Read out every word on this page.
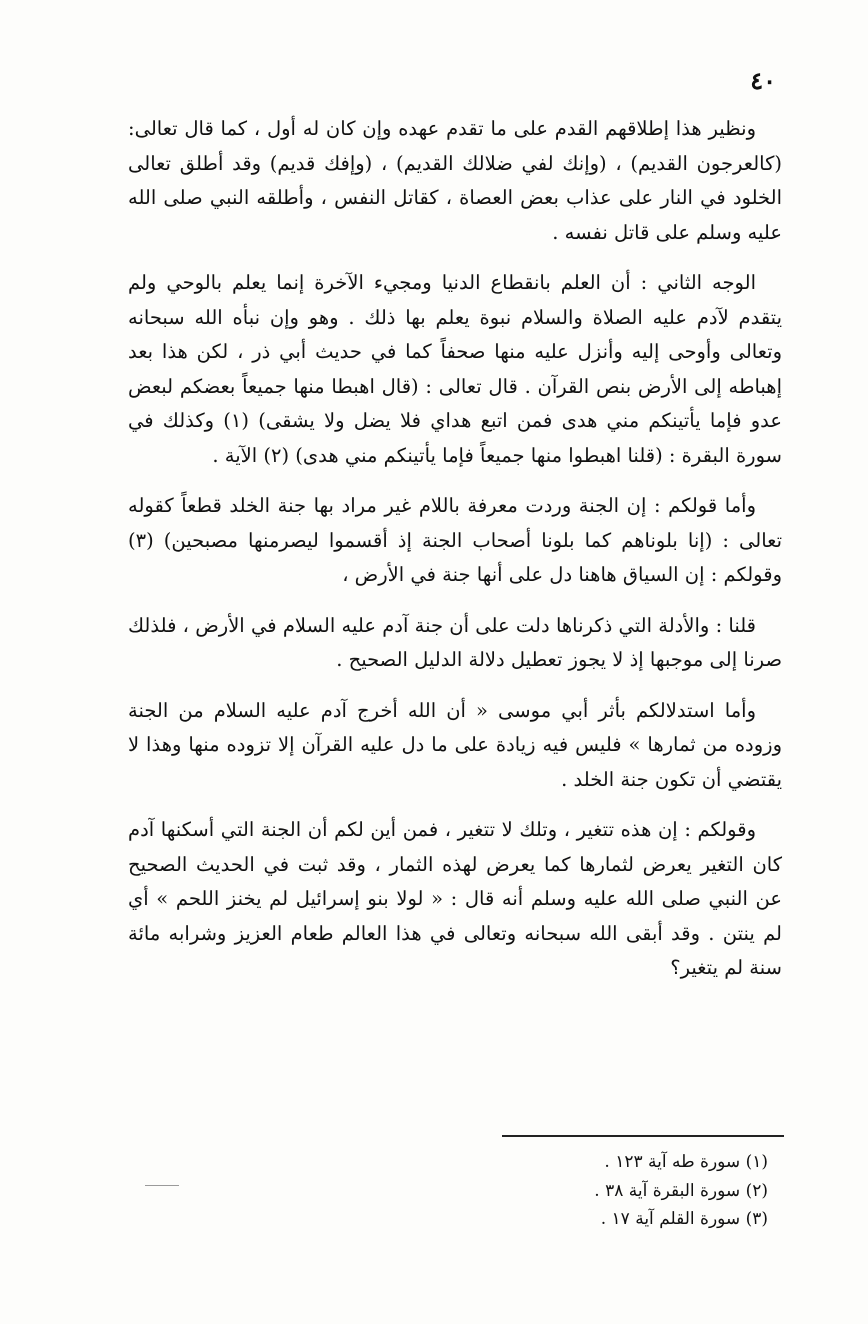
٤٠

ونظير هذا إطلاقهم القدم على ما تقدم عهده وإن كان له أول ، كما قال تعالى: (كالعرجون القديم) ، (وإنك لفي ضلالك القديم) ، (وإفك قديم) وقد أطلق تعالى الخلود في النار على عذاب بعض العصاة ، كقاتل النفس ، وأطلقه النبي صلى الله عليه وسلم على قاتل نفسه .

الوجه الثاني : أن العلم بانقطاع الدنيا ومجيء الآخرة إنما يعلم بالوحي ولم يتقدم لآدم عليه الصلاة والسلام نبوة يعلم بها ذلك . وهو وإن نبأه الله سبحانه وتعالى وأوحى إليه وأنزل عليه منها صحفاً كما في حديث أبي ذر ، لكن هذا بعد إهباطه إلى الأرض بنص القرآن . قال تعالى : (قال اهبطا منها جميعاً بعضكم لبعض عدو فإما يأتينكم مني هدى فمن اتبع هداي فلا يضل ولا يشقى) (١) وكذلك في سورة البقرة : (قلنا اهبطوا منها جميعاً فإما يأتينكم مني هدى) (٢) الآية .

وأما قولكم : إن الجنة وردت معرفة باللام غير مراد بها جنة الخلد قطعاً كقوله تعالى : (إنا بلوناهم كما بلونا أصحاب الجنة إذ أقسموا ليصرمنها مصبحين) (٣) وقولكم : إن السياق هاهنا دل على أنها جنة في الأرض ،

قلنا : والأدلة التي ذكرناها دلت على أن جنة آدم عليه السلام في الأرض ، فلذلك صرنا إلى موجبها إذ لا يجوز تعطيل دلالة الدليل الصحيح .

وأما استدلالكم بأثر أبي موسى « أن الله أخرج آدم عليه السلام من الجنة وزوده من ثمارها » فليس فيه زيادة على ما دل عليه القرآن إلا تزوده منها وهذا لا يقتضي أن تكون جنة الخلد .

وقولكم : إن هذه تتغير ، وتلك لا تتغير ، فمن أين لكم أن الجنة التي أسكنها آدم كان التغير يعرض لثمارها كما يعرض لهذه الثمار ، وقد ثبت في الحديث الصحيح عن النبي صلى الله عليه وسلم أنه قال : « لولا بنو إسرائيل لم يخنز اللحم » أي لم ينتن . وقد أبقى الله سبحانه وتعالى في هذا العالم طعام العزيز وشرابه مائة سنة لم يتغير؟

(١) سورة طه آية ١٢٣ .

(٢) سورة البقرة آية ٣٨ .

(٣) سورة القلم آية ١٧ .
